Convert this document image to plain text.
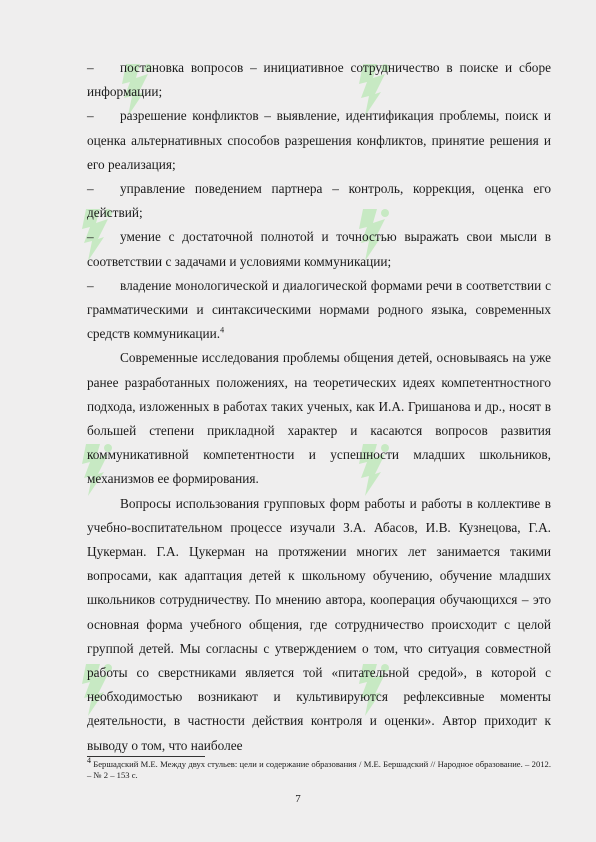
– постановка вопросов – инициативное сотрудничество в поиске и сборе информации;

– разрешение конфликтов – выявление, идентификация проблемы, поиск и оценка альтернативных способов разрешения конфликтов, принятие решения и его реализация;

– управление поведением партнера – контроль, коррекция, оценка его действий;

– умение с достаточной полнотой и точностью выражать свои мысли в соответствии с задачами и условиями коммуникации;

– владение монологической и диалогической формами речи в соответствии с грамматическими и синтаксическими нормами родного языка, современных средств коммуникации.$^4$

Современные исследования проблемы общения детей, основываясь на уже ранее разработанных положениях, на теоретических идеях компетентностного подхода, изложенных в работах таких ученых, как И.А. Гришанова и др., носят в большей степени прикладной характер и касаются вопросов развития коммуникативной компетентности и успешности младших школьников, механизмов ее формирования.

Вопросы использования групповых форм работы и работы в коллективе в учебно-воспитательном процессе изучали З.А. Абасов, И.В. Кузнецова, Г.А. Цукерман. Г.А. Цукерман на протяжении многих лет занимается такими вопросами, как адаптация детей к школьному обучению, обучение младших школьников сотрудничеству. По мнению автора, кооперация обучающихся – это основная форма учебного общения, где сотрудничество происходит с целой группой детей. Мы согласны с утверждением о том, что ситуация совместной работы со сверстниками является той «питательной средой», в которой с необходимостью возникают и культивируются рефлексивные моменты деятельности, в частности действия контроля и оценки». Автор приходит к выводу о том, что наиболее

$^4$ Бершадский М.Е. Между двух стульев: цели и содержание образования / М.Е. Бершадский // Народное образование. – 2012. – № 2 – 153 с.
7
